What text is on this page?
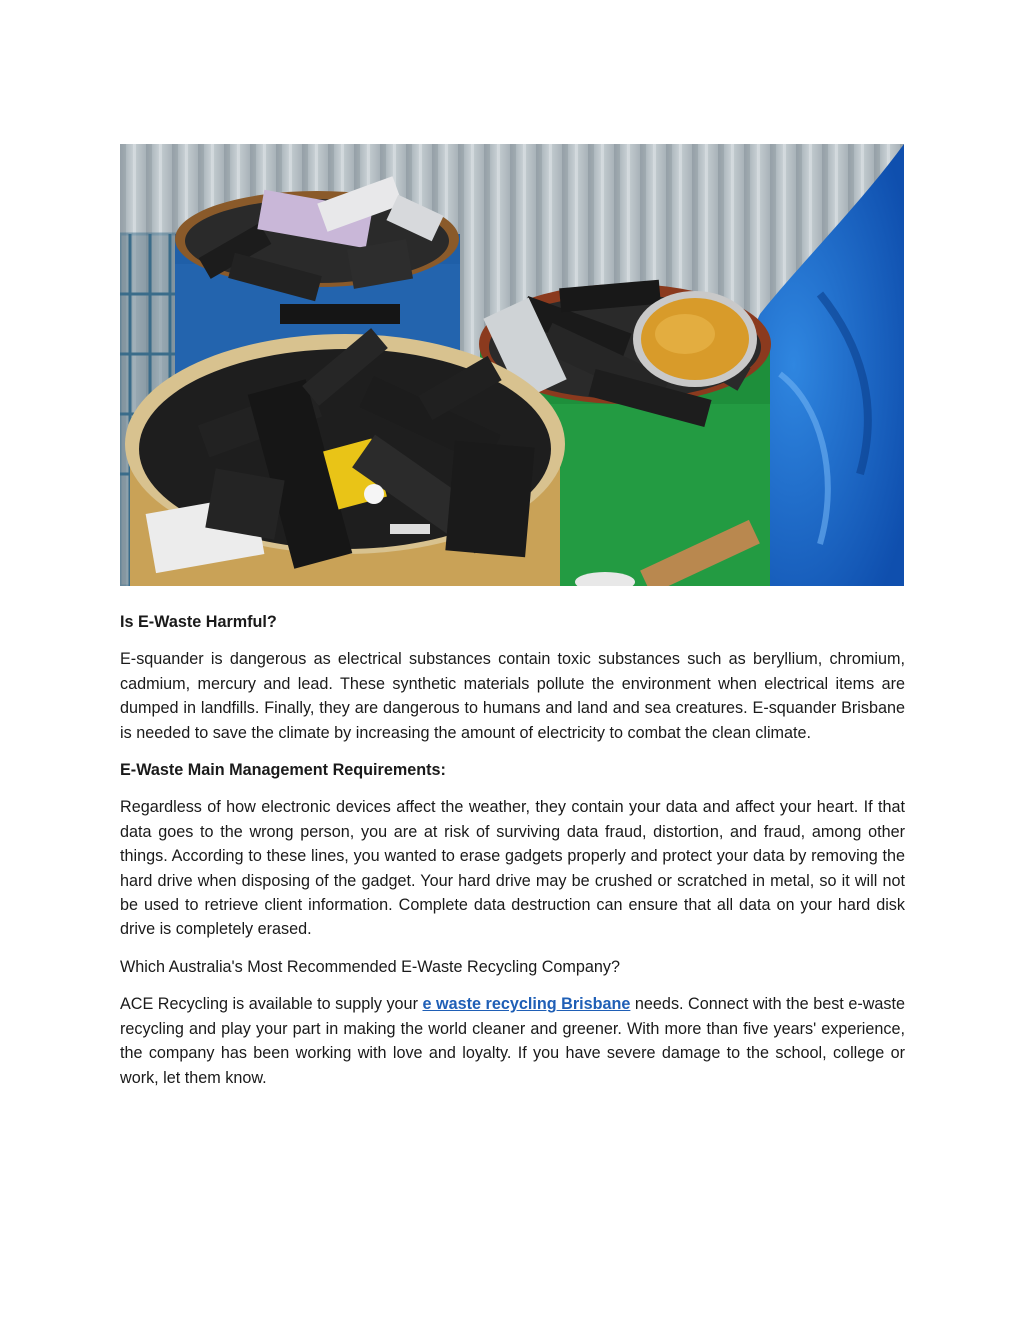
Is E-Waste Harmful?

E-squander is dangerous as electrical substances contain toxic substances such as beryllium, chromium, cadmium, mercury and lead. These synthetic materials pollute the environment when electrical items are dumped in landfills. Finally, they are dangerous to humans and land and sea creatures. E-squander Brisbane is needed to save the climate by increasing the amount of electricity to combat the clean climate.

E-Waste Main Management Requirements:

Regardless of how electronic devices affect the weather, they contain your data and affect your heart. If that data goes to the wrong person, you are at risk of surviving data fraud, distortion, and fraud, among other things. According to these lines, you wanted to erase gadgets properly and protect your data by removing the hard drive when disposing of the gadget. Your hard drive may be crushed or scratched in metal, so it will not be used to retrieve client information. Complete data destruction can ensure that all data on your hard disk drive is completely erased.

Which Australia's Most Recommended E-Waste Recycling Company?

ACE Recycling is available to supply your e waste recycling Brisbane needs. Connect with the best e-waste recycling and play your part in making the world cleaner and greener. With more than five years' experience, the company has been working with love and loyalty. If you have severe damage to the school, college or work, let them know.
